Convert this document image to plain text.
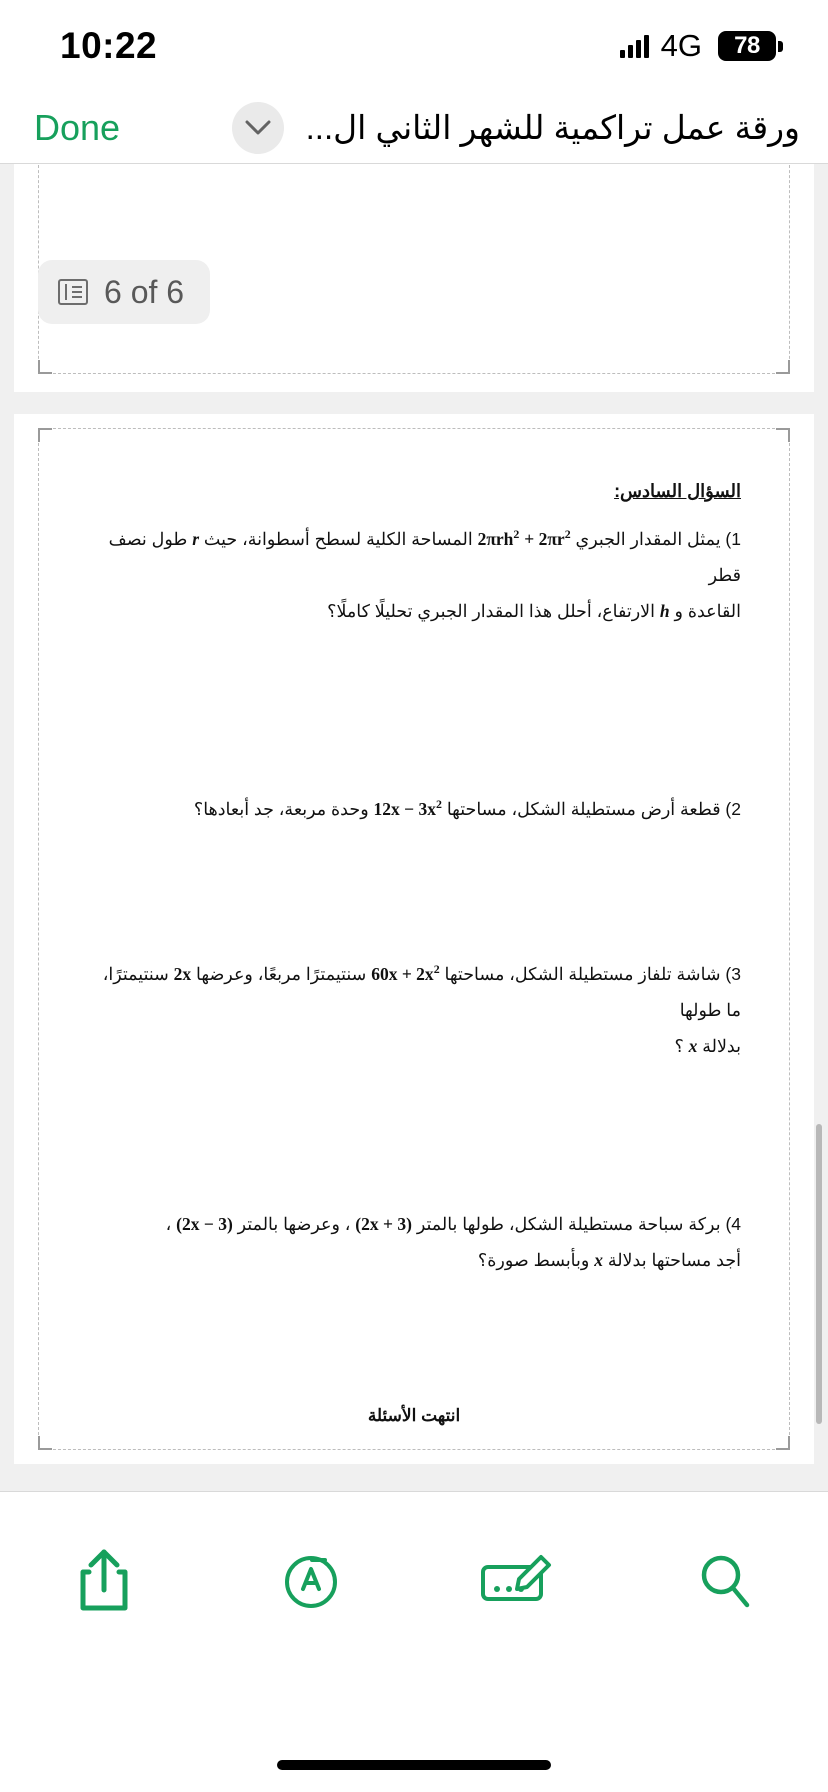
10:22	4G 78
Done	ورقة عمل تراكمية للشهر الثاني ال...
6 of 6
السؤال السادس:
1) يمثل المقدار الجبري $2\pi rh^2 + 2\pi r^2$ المساحة الكلية لسطح أسطوانة، حيث r طول نصف قطر
القاعدة و h الارتفاع، أحلل هذا المقدار الجبري تحليلًا كاملًا؟
2) قطعة أرض مستطيلة الشكل، مساحتها $12x - 3x^2$ وحدة مربعة، جد أبعادها؟
3) شاشة تلفاز مستطيلة الشكل، مساحتها $60x + 2x^2$ سنتيمترًا مربعًا، وعرضها 2x سنتيمترًا، ما طولها
بدلالة x ؟
4) بركة سباحة مستطيلة الشكل، طولها بالمتر (2x + 3) ، وعرضها بالمتر (3 − 2x) ،
أجد مساحتها بدلالة x وبأبسط صورة؟
انتهت الأسئلة
